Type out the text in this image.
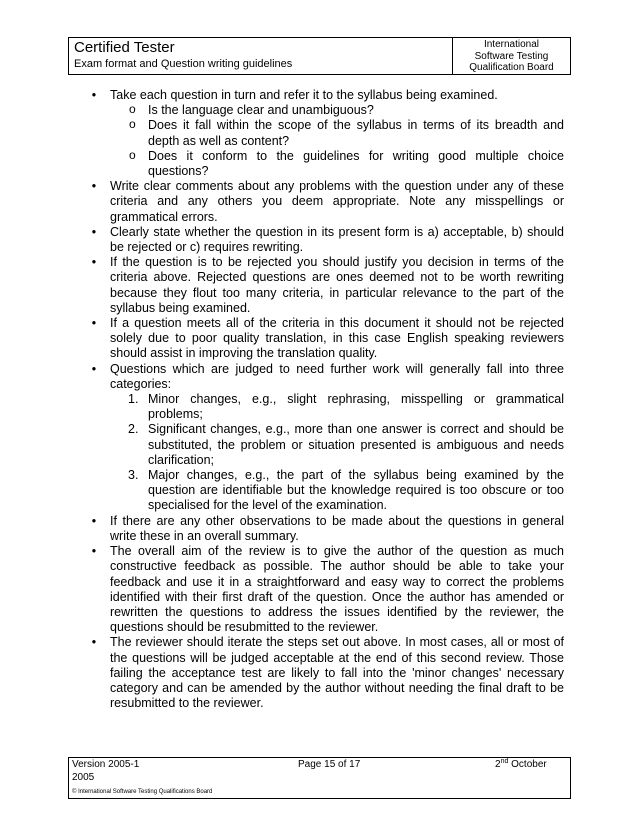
Certified Tester
Exam format and Question writing guidelines
International
Software Testing
Qualification Board
•	Take each question in turn and refer it to the syllabus being examined.
o Is the language clear and unambiguous?
o Does it fall within the scope of the syllabus in terms of its breadth and depth as well as content?
o Does it conform to the guidelines for writing good multiple choice questions?
•	Write clear comments about any problems with the question under any of these criteria and any others you deem appropriate. Note any misspellings or grammatical errors.
•	Clearly state whether the question in its present form is a) acceptable, b) should be rejected or c) requires rewriting.
•	If the question is to be rejected you should justify you decision in terms of the criteria above. Rejected questions are ones deemed not to be worth rewriting because they flout too many criteria, in particular relevance to the part of the syllabus being examined.
•	If a question meets all of the criteria in this document it should not be rejected solely due to poor quality translation, in this case English speaking reviewers should assist in improving the translation quality.
•	Questions which are judged to need further work will generally fall into three categories:
1. Minor changes, e.g., slight rephrasing, misspelling or grammatical problems;
2. Significant changes, e.g., more than one answer is correct and should be substituted, the problem or situation presented is ambiguous and needs clarification;
3. Major changes, e.g., the part of the syllabus being examined by the question are identifiable but the knowledge required is too obscure or too specialised for the level of the examination.
•	If there are any other observations to be made about the questions in general write these in an overall summary.
•	The overall aim of the review is to give the author of the question as much constructive feedback as possible. The author should be able to take your feedback and use it in a straightforward and easy way to correct the problems identified with their first draft of the question. Once the author has amended or rewritten the questions to address the issues identified by the reviewer, the questions should be resubmitted to the reviewer.
•	The reviewer should iterate the steps set out above. In most cases, all or most of the questions will be judged acceptable at the end of this second review. Those failing the acceptance test are likely to fall into the 'minor changes' necessary category and can be amended by the author without needing the final draft to be resubmitted to the reviewer.
Version 2005-1
2005
Page 15 of 17	2nd October
© International Software Testing Qualifications Board
